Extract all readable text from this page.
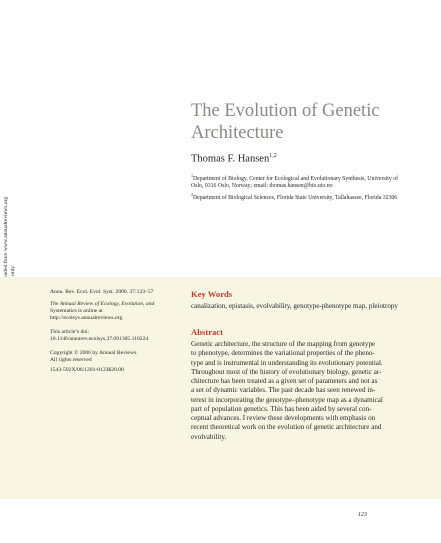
The Evolution of Genetic Architecture
Thomas F. Hansen$^{1,2}$
$^1$Department of Biology, Center for Ecological and Evolutionary Synthesis, University of Oslo, 0316 Oslo, Norway; email: thomas.hansen@bio.uio.no
$^2$Department of Biological Sciences, Florida State University, Tallahassee, Florida 32306
Annu. Rev. Ecol. Evol. Syst. 2006. 37:123–57
The Annual Review of Ecology, Evolution, and
Systematics is online at
http://ecolsys.annualreviews.org
This article’s doi:
10.1146/annurev.ecolsys.37.091305.110224
Copyright © 2006 by Annual Reviews.
All rights reserved
1543-592X/06/1201-0123$20.00
Key Words
canalization, epistasis, evolvability, genotype-phenotype map, pleiotropy
Abstract
Genetic architecture, the structure of the mapping from genotype
to phenotype, determines the variational properties of the pheno-
type and is instrumental in understanding its evolutionary potential.
Throughout most of the history of evolutionary biology, genetic ar-
chitecture has been treated as a given set of parameters and not as
a set of dynamic variables. The past decade has seen renewed in-
terest in incorporating the genotype–phenotype map as a dynamical
part of population genetics. This has been aided by several con-
ceptual advances. I review these developments with emphasis on
recent theoretical work on the evolution of genetic architecture and
evolvability.
123
